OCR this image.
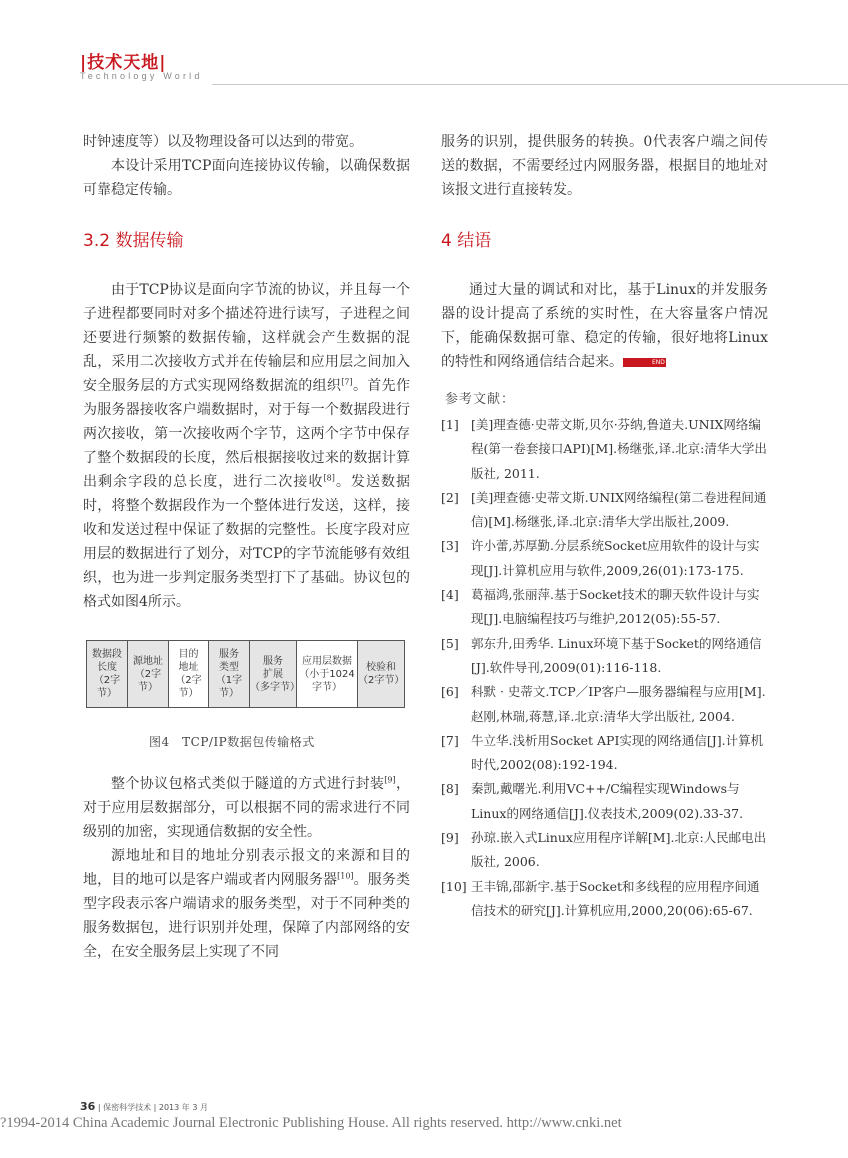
|技术天地|
Technology World

时钟速度等）以及物理设备可以达到的带宽。

本设计采用TCP面向连接协议传输，以确保数据可靠稳定传输。

3.2 数据传输

由于TCP协议是面向字节流的协议，并且每一个子进程都要同时对多个描述符进行读写，子进程之间还要进行频繁的数据传输，这样就会产生数据的混乱，采用二次接收方式并在传输层和应用层之间加入安全服务层的方式实现网络数据流的组织[7]。首先作为服务器接收客户端数据时，对于每一个数据段进行两次接收，第一次接收两个字节，这两个字节中保存了整个数据段的长度，然后根据接收过来的数据计算出剩余字段的总长度，进行二次接收[8]。发送数据时，将整个数据段作为一个整体进行发送，这样，接收和发送过程中保证了数据的完整性。长度字段对应用层的数据进行了划分，对TCP的字节流能够有效组织，也为进一步判定服务类型打下了基础。协议包的格式如图4所示。

数据段
长度
（2字节）	源地址
（2字节）	目的
地址
（2字节）	服务
类型
（1字节）	服务
扩展
（多字节）	应用层数据
（小于1024
字节）	校验和
（2字节）
图4　TCP/IP数据包传输格式

整个协议包格式类似于隧道的方式进行封装[9]，对于应用层数据部分，可以根据不同的需求进行不同级别的加密，实现通信数据的安全性。

源地址和目的地址分别表示报文的来源和目的地，目的地可以是客户端或者内网服务器[10]。服务类型字段表示客户端请求的服务类型，对于不同种类的服务数据包，进行识别并处理，保障了内部网络的安全，在安全服务层上实现了不同

服务的识别，提供服务的转换。0代表客户端之间传送的数据，不需要经过内网服务器，根据目的地址对该报文进行直接转发。

4 结语

通过大量的调试和对比，基于Linux的并发服务器的设计提高了系统的实时性，在大容量客户情况下，能确保数据可靠、稳定的传输，很好地将Linux的特性和网络通信结合起来。	END

参考文献：
[1] [美]理查德·史蒂文斯,贝尔·芬纳,鲁道夫.UNIX网络编程(第一卷套接口API)[M].杨继张,译.北京:清华大学出版社, 2011.
[2] [美]理查德·史蒂文斯.UNIX网络编程(第二卷进程间通信)[M].杨继张,译.北京:清华大学出版社,2009.
[3] 许小蕾,苏厚勤.分层系统Socket应用软件的设计与实现[J].计算机应用与软件,2009,26(01):173-175.
[4] 葛福鸿,张丽萍.基于Socket技术的聊天软件设计与实现[J].电脑编程技巧与维护,2012(05):55-57.
[5] 郭东升,田秀华. Linux环境下基于Socket的网络通信[J].软件导刊,2009(01):116-118.
[6] 科默 · 史蒂文.TCP／IP客户—服务器编程与应用[M].赵刚,林瑞,蒋慧,译.北京:清华大学出版社, 2004.
[7] 牛立华.浅析用Socket API实现的网络通信[J].计算机时代,2002(08):192-194.
[8] 秦凯,戴曙光.利用VC++/C编程实现Windows与Linux的网络通信[J].仪表技术,2009(02).33-37.
[9] 孙琼.嵌入式Linux应用程序详解[M].北京:人民邮电出版社, 2006.
[10] 王丰锦,邵新宇.基于Socket和多线程的应用程序间通信技术的研究[J].计算机应用,2000,20(06):65-67.
36 | 保密科学技术 | 2013 年 3 月
?1994-2014 China Academic Journal Electronic Publishing House. All rights reserved. http://www.cnki.net
